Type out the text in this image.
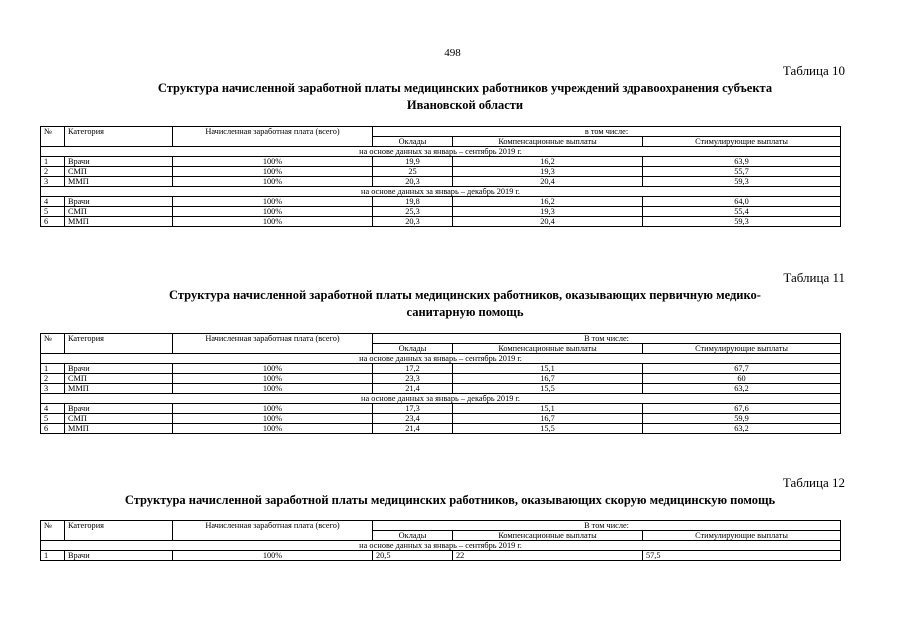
498
Таблица 10
Структура начисленной заработной платы медицинских работников учреждений здравоохранения субъекта
Ивановской области
№	Категория	Начисленная заработная плата (всего)	в том числе:		
			Оклады	Компенсационные выплаты	Стимулирующие выплаты
на основе данных за январь – сентябрь 2019 г.					
1	Врачи	100%	19,9	16,2	63,9
2	СМП	100%	25	19,3	55,7
3	ММП	100%	20,3	20,4	59,3
на основе данных за январь – декабрь 2019 г.					
4	Врачи	100%	19,8	16,2	64,0
5	СМП	100%	25,3	19,3	55,4
6	ММП	100%	20,3	20,4	59,3
Таблица 11
Структура начисленной заработной платы медицинских работников, оказывающих первичную медико-
санитарную помощь
№	Категория	Начисленная заработная плата (всего)	В том числе:		
			Оклады	Компенсационные выплаты	Стимулирующие выплаты
на основе данных за январь – сентябрь 2019 г.					
1	Врачи	100%	17,2	15,1	67,7
2	СМП	100%	23,3	16,7	60
3	ММП	100%	21,4	15,5	63,2
на основе данных за январь – декабрь 2019 г.					
4	Врачи	100%	17,3	15,1	67,6
5	СМП	100%	23,4	16,7	59,9
6	ММП	100%	21,4	15,5	63,2
Таблица 12
Структура начисленной заработной платы медицинских работников, оказывающих скорую медицинскую помощь
№	Категория	Начисленная заработная плата (всего)	В том числе:		
			Оклады	Компенсационные выплаты	Стимулирующие выплаты
на основе данных за январь – сентябрь 2019 г.					
1	Врачи	100%	20,5	22	57,5
